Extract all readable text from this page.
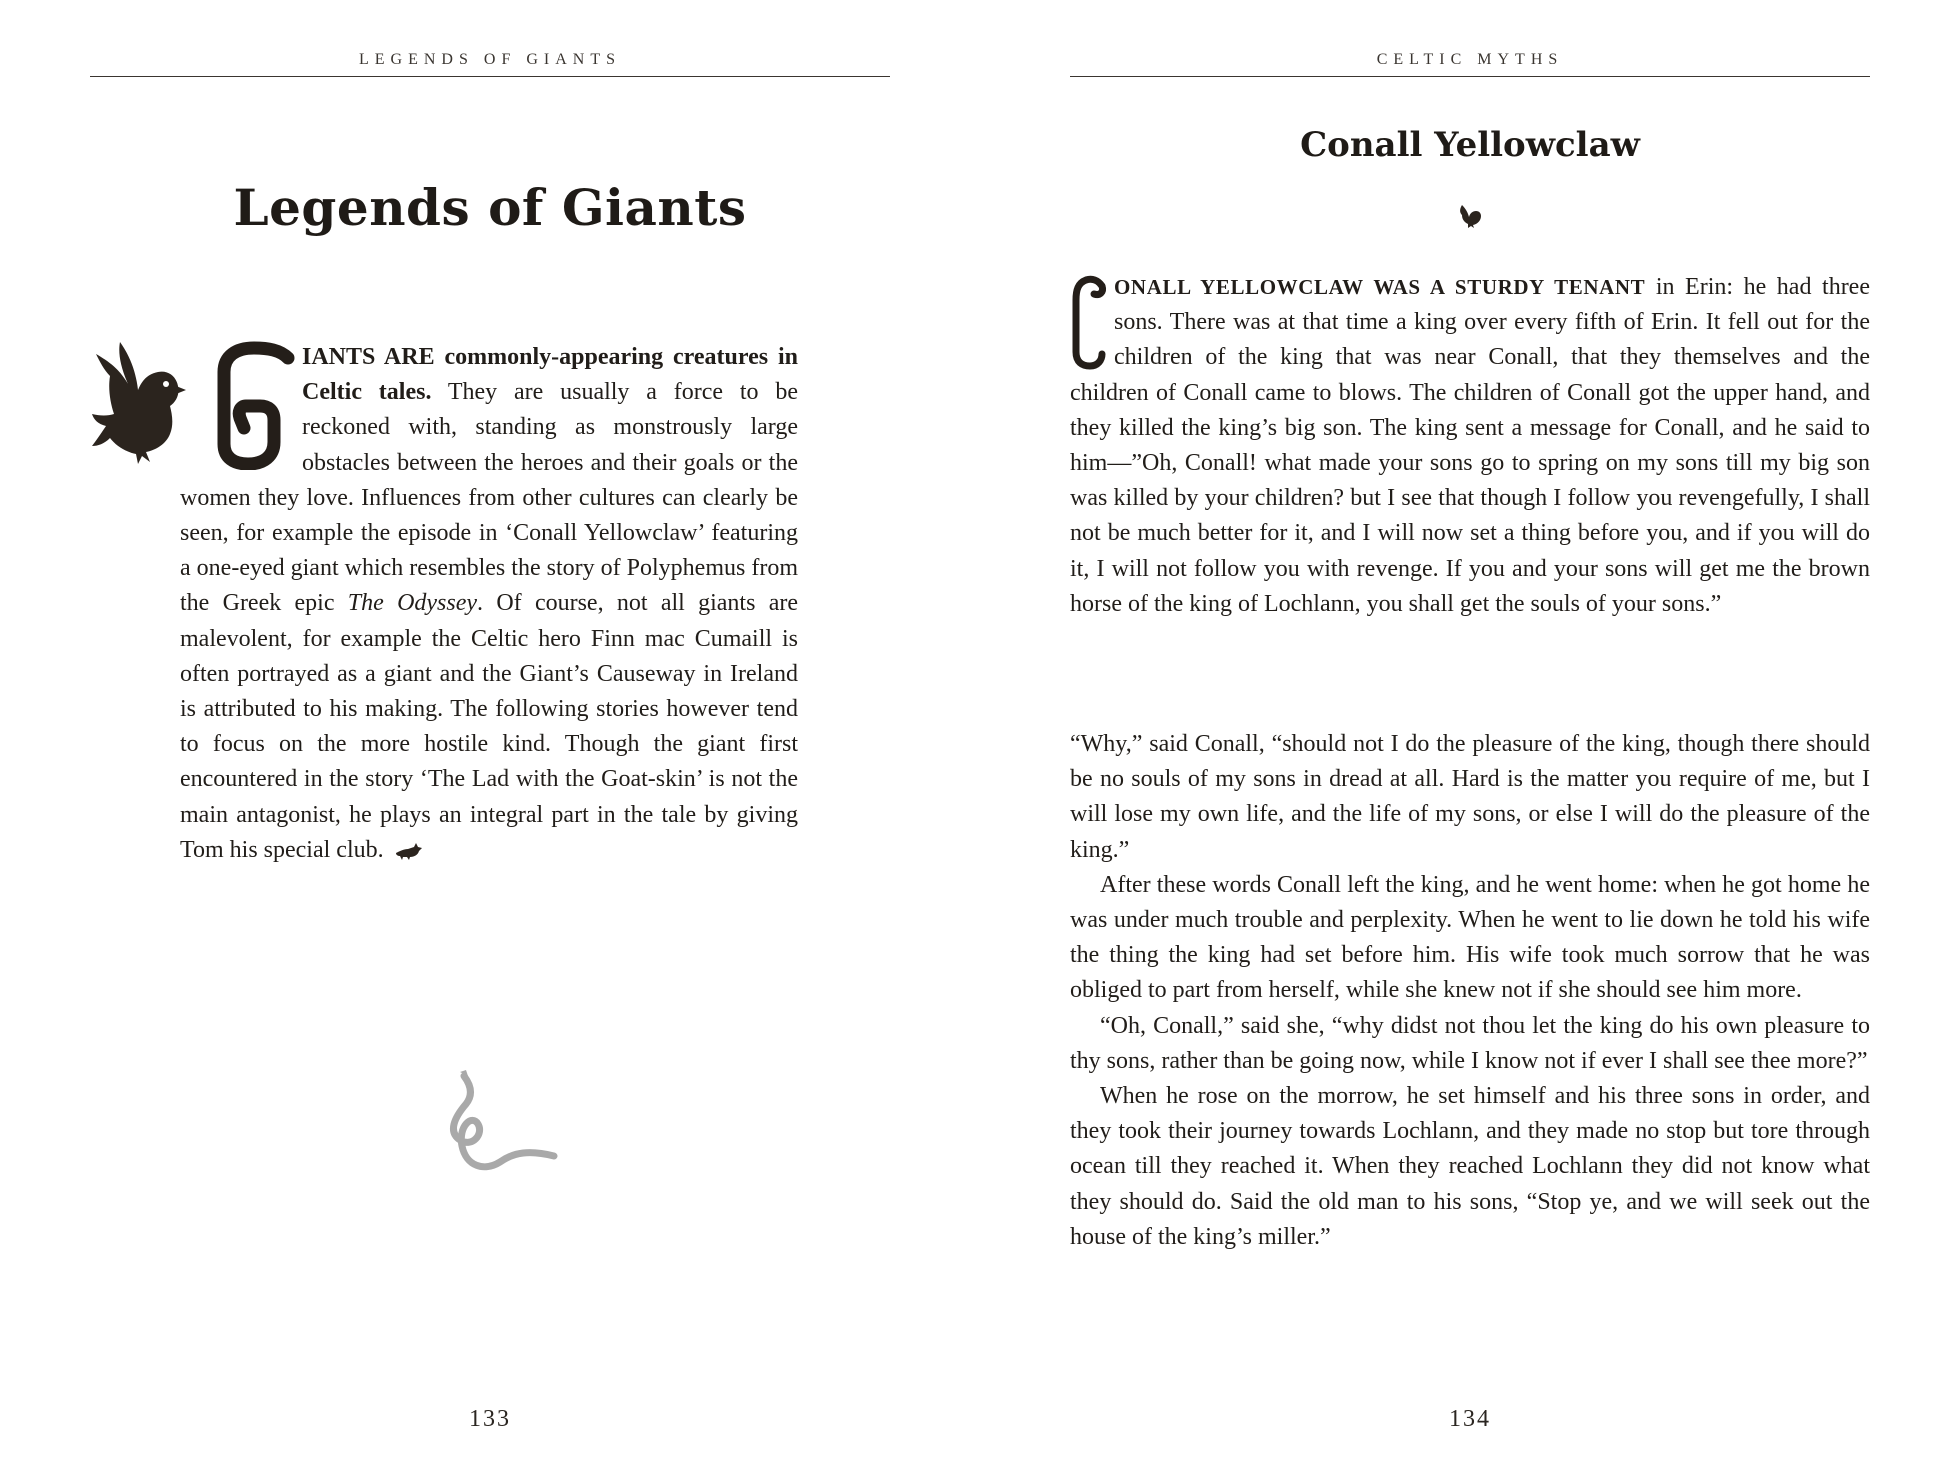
LEGENDS OF GIANTS
Legends of Giants
G

IANTS ARE commonly-appearing creatures in Celtic tales. They are usually a force to be reckoned with, standing as monstrously large obstacles between the heroes and their goals or the women they love. Influences from other cultures can clearly be seen, for example the episode in ‘Conall Yellowclaw’ featuring a one-eyed giant which resembles the story of Polyphemus from the Greek epic The Odyssey. Of course, not all giants are malevolent, for example the Celtic hero Finn mac Cumaill is often portrayed as a giant and the Giant’s Causeway in Ireland is attributed to his making. The following stories however tend to focus on the more hostile kind. Though the giant first encountered in the story ‘The Lad with the Goat-skin’ is not the main antagonist, he plays an integral part in the tale by giving Tom his special club.

133
CELTIC MYTHS
Conall Yellowclaw
C

ONALL YELLOWCLAW WAS A STURDY TENANT in Erin: he had three sons. There was at that time a king over every fifth of Erin. It fell out for the children of the king that was near Conall, that they themselves and the children of Conall came to blows. The children of Conall got the upper hand, and they killed the king’s big son. The king sent a message for Conall, and he said to him—”Oh, Conall! what made your sons go to spring on my sons till my big son was killed by your children? but I see that though I follow you revengefully, I shall not be much better for it, and I will now set a thing before you, and if you will do it, I will not follow you with revenge. If you and your sons will get me the brown horse of the king of Lochlann, you shall get the souls of your sons.”

“Why,” said Conall, “should not I do the pleasure of the king, though there should be no souls of my sons in dread at all. Hard is the matter you require of me, but I will lose my own life, and the life of my sons, or else I will do the pleasure of the king.”

After these words Conall left the king, and he went home: when he got home he was under much trouble and perplexity. When he went to lie down he told his wife the thing the king had set before him. His wife took much sorrow that he was obliged to part from herself, while she knew not if she should see him more.

“Oh, Conall,” said she, “why didst not thou let the king do his own pleasure to thy sons, rather than be going now, while I know not if ever I shall see thee more?”

When he rose on the morrow, he set himself and his three sons in order, and they took their journey towards Lochlann, and they made no stop but tore through ocean till they reached it. When they reached Lochlann they did not know what they should do. Said the old man to his sons, “Stop ye, and we will seek out the house of the king’s miller.”

134
